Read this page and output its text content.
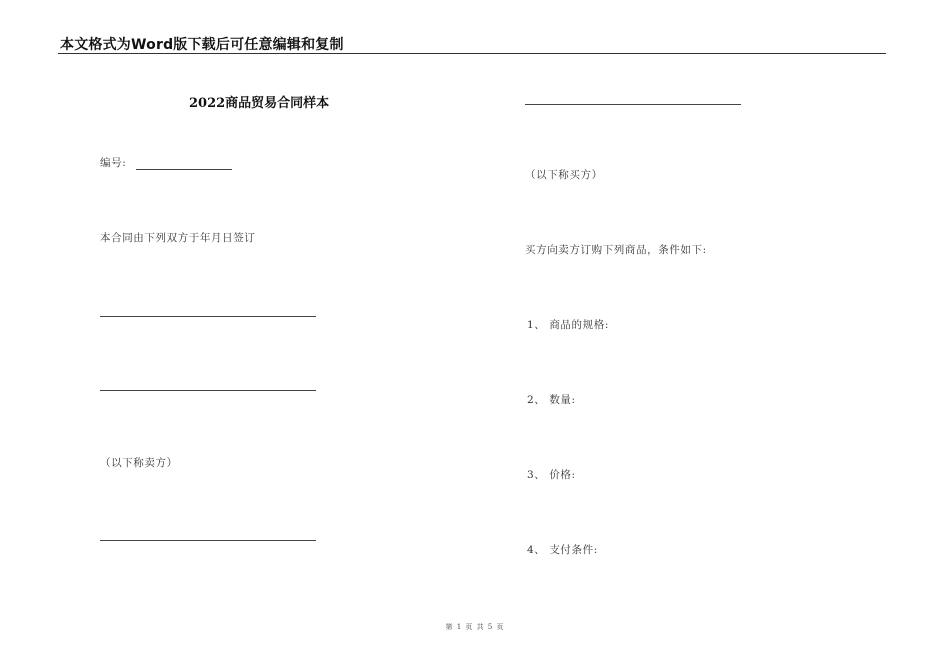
本文格式为Word版下载后可任意编辑和复制
2022商品贸易合同样本
编号:
本合同由下列双方于年月日签订
（以下称卖方）
（以下称买方）
买方向卖方订购下列商品，条件如下:
1、 商品的规格:
2、 数量:
3、 价格:
4、 支付条件:
第 1 页 共 5 页
